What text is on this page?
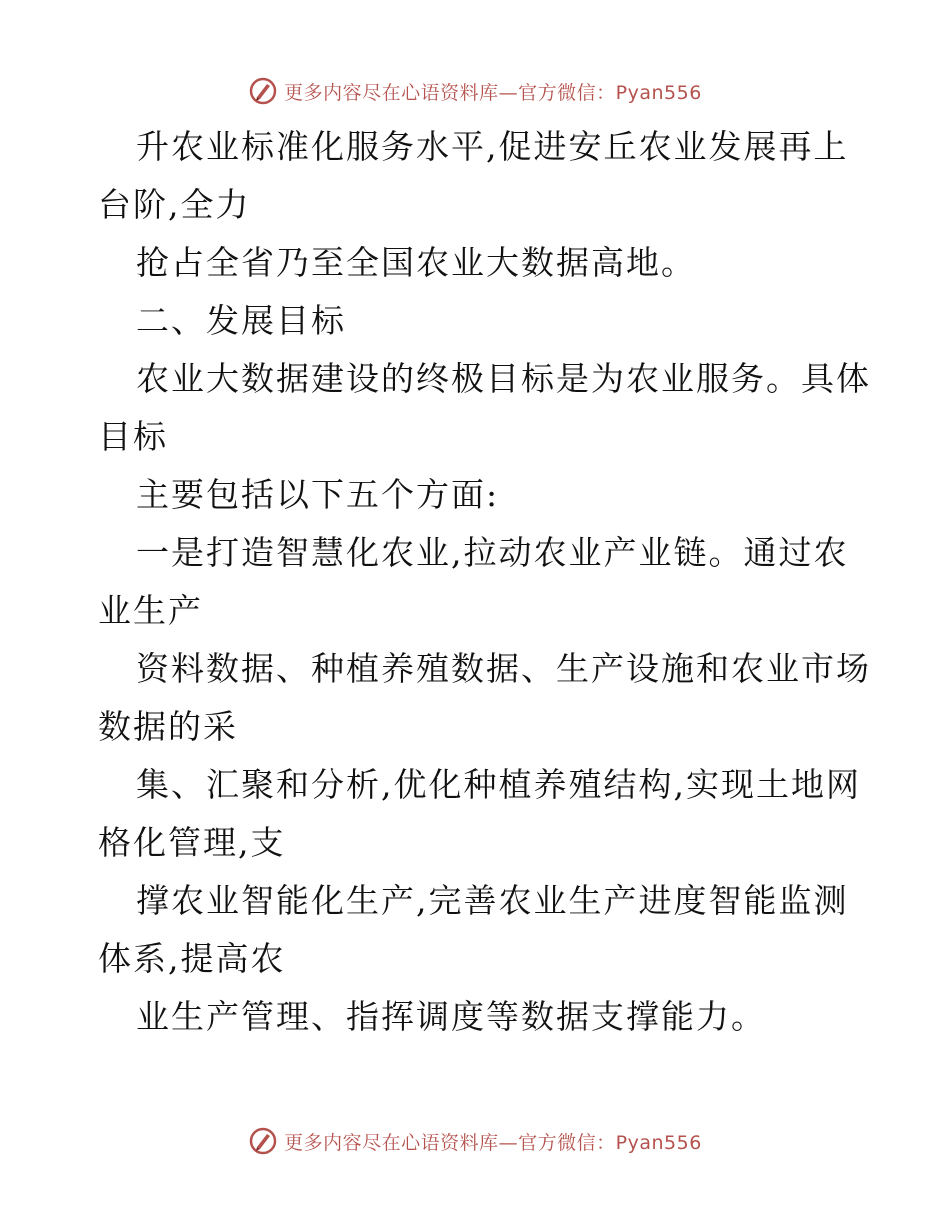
更多内容尽在心语资料库—官方微信：Pyan556

升农业标准化服务水平,促进安丘农业发展再上

台阶,全力

抢占全省乃至全国农业大数据高地。

二、发展目标

农业大数据建设的终极目标是为农业服务。具体

目标

主要包括以下五个方面:

一是打造智慧化农业,拉动农业产业链。通过农

业生产

资料数据、种植养殖数据、生产设施和农业市场

数据的采

集、汇聚和分析,优化种植养殖结构,实现土地网

格化管理,支

撑农业智能化生产,完善农业生产进度智能监测

体系,提高农

业生产管理、指挥调度等数据支撑能力。

更多内容尽在心语资料库—官方微信：Pyan556
